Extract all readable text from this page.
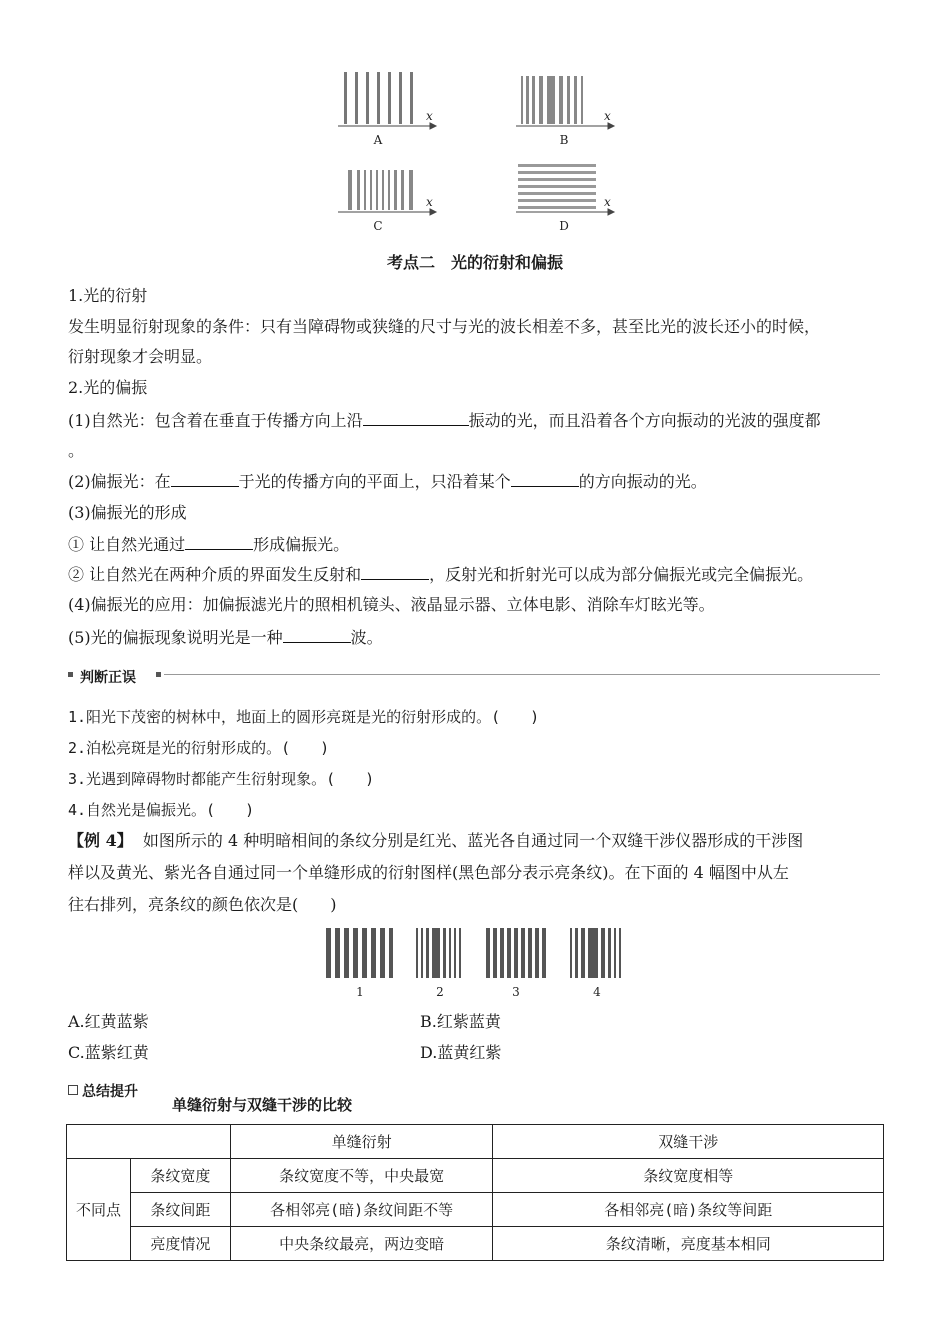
x	x
x	x
A	B
C	D
考点二　光的衍射和偏振
1.光的衍射
发生明显衍射现象的条件：只有当障碍物或狭缝的尺寸与光的波长相差不多，甚至比光的波长还小的时候，
衍射现象才会明显。
2.光的偏振
(1)自然光：包含着在垂直于传播方向上沿	振动的光，而且沿着各个方向振动的光波的强度都
。
(2)偏振光：在	于光的传播方向的平面上，只沿着某个	的方向振动的光。
(3)偏振光的形成
① 让自然光通过	形成偏振光。
② 让自然光在两种介质的界面发生反射和	，反射光和折射光可以成为部分偏振光或完全偏振光。
(4)偏振光的应用：加偏振滤光片的照相机镜头、液晶显示器、立体电影、消除车灯眩光等。
(5)光的偏振现象说明光是一种	波。
判断正误
1.阳光下茂密的树林中，地面上的圆形亮斑是光的衍射形成的。(　　)
2.泊松亮斑是光的衍射形成的。(　　)
3.光遇到障碍物时都能产生衍射现象。(　　)
4.自然光是偏振光。(　　)
【例 4】 如图所示的 4 种明暗相间的条纹分别是红光、蓝光各自通过同一个双缝干涉仪器形成的干涉图
样以及黄光、紫光各自通过同一个单缝形成的衍射图样(黑色部分表示亮条纹)。在下面的 4 幅图中从左
往右排列，亮条纹的颜色依次是(　　)
1	2	3	4
A.红黄蓝紫	B.红紫蓝黄
C.蓝紫红黄	D.蓝黄红紫
总结提升
单缝衍射与双缝干涉的比较
		单缝衍射	双缝干涉
不同点	条纹宽度	条纹宽度不等，中央最宽	条纹宽度相等
	条纹间距	各相邻亮(暗)条纹间距不等	各相邻亮(暗)条纹等间距
	亮度情况	中央条纹最亮，两边变暗	条纹清晰，亮度基本相同
